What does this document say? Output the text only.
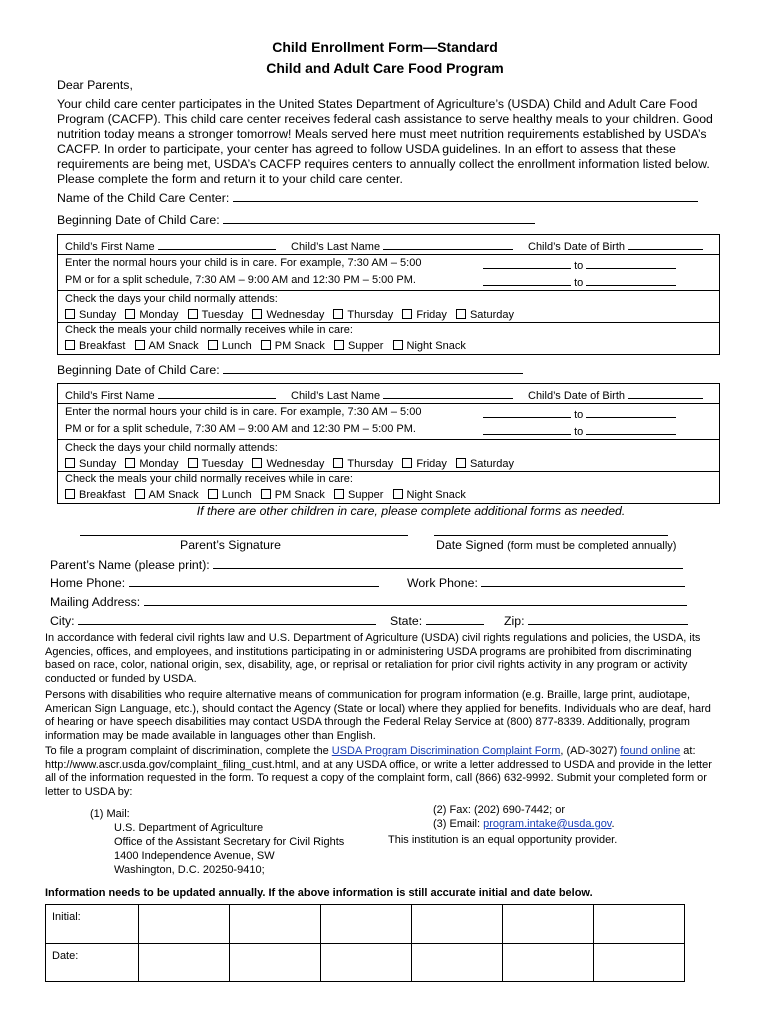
Child Enrollment Form—Standard
Child and Adult Care Food Program
Dear Parents,
Your child care center participates in the United States Department of Agriculture’s (USDA) Child and Adult Care Food Program (CACFP). This child care center receives federal cash assistance to serve healthy meals to your children. Good nutrition today means a stronger tomorrow! Meals served here must meet nutrition requirements established by USDA’s CACFP. In order to participate, your center has agreed to follow USDA guidelines. In an effort to assess that these requirements are being met, USDA’s CACFP requires centers to annually collect the enrollment information listed below. Please complete the form and return it to your child care center.
Name of the Child Care Center:
Beginning Date of Child Care:
Child’s First Name	Child’s Last Name	Child’s Date of Birth
Enter the normal hours your child is in care. For example, 7:30 AM – 5:00	to
PM or for a split schedule, 7:30 AM – 9:00 AM and 12:30 PM – 5:00 PM.	to
Check the days your child normally attends:
Sunday Monday Tuesday Wednesday Thursday Friday Saturday
Check the meals your child normally receives while in care:
Breakfast AM Snack Lunch PM Snack Supper Night Snack
Beginning Date of Child Care:
Child’s First Name	Child’s Last Name	Child’s Date of Birth
Enter the normal hours your child is in care. For example, 7:30 AM – 5:00	to
PM or for a split schedule, 7:30 AM – 9:00 AM and 12:30 PM – 5:00 PM.	to
Check the days your child normally attends:
Sunday Monday Tuesday Wednesday Thursday Friday Saturday
Check the meals your child normally receives while in care:
Breakfast AM Snack Lunch PM Snack Supper Night Snack
If there are other children in care, please complete additional forms as needed.
Parent’s Signature	Date Signed (form must be completed annually)
Parent’s Name (please print):
Home Phone:	Work Phone:
Mailing Address:
City:	State:	Zip:
In accordance with federal civil rights law and U.S. Department of Agriculture (USDA) civil rights regulations and policies, the USDA, its Agencies, offices, and employees, and institutions participating in or administering USDA programs are prohibited from discriminating based on race, color, national origin, sex, disability, age, or reprisal or retaliation for prior civil rights activity in any program or activity conducted or funded by USDA.
Persons with disabilities who require alternative means of communication for program information (e.g. Braille, large print, audiotape, American Sign Language, etc.), should contact the Agency (State or local) where they applied for benefits. Individuals who are deaf, hard of hearing or have speech disabilities may contact USDA through the Federal Relay Service at (800) 877-8339. Additionally, program information may be made available in languages other than English.
To file a program complaint of discrimination, complete the USDA Program Discrimination Complaint Form, (AD-3027) found online at: http://www.ascr.usda.gov/complaint_filing_cust.html, and at any USDA office, or write a letter addressed to USDA and provide in the letter all of the information requested in the form. To request a copy of the complaint form, call (866) 632-9992. Submit your completed form or letter to USDA by:
(1) Mail:
U.S. Department of Agriculture
Office of the Assistant Secretary for Civil Rights
1400 Independence Avenue, SW
Washington, D.C. 20250-9410;
(2) Fax: (202) 690-7442; or
(3) Email: program.intake@usda.gov.
This institution is an equal opportunity provider.
Information needs to be updated annually. If the above information is still accurate initial and date below.
Initial:						
Date:						
